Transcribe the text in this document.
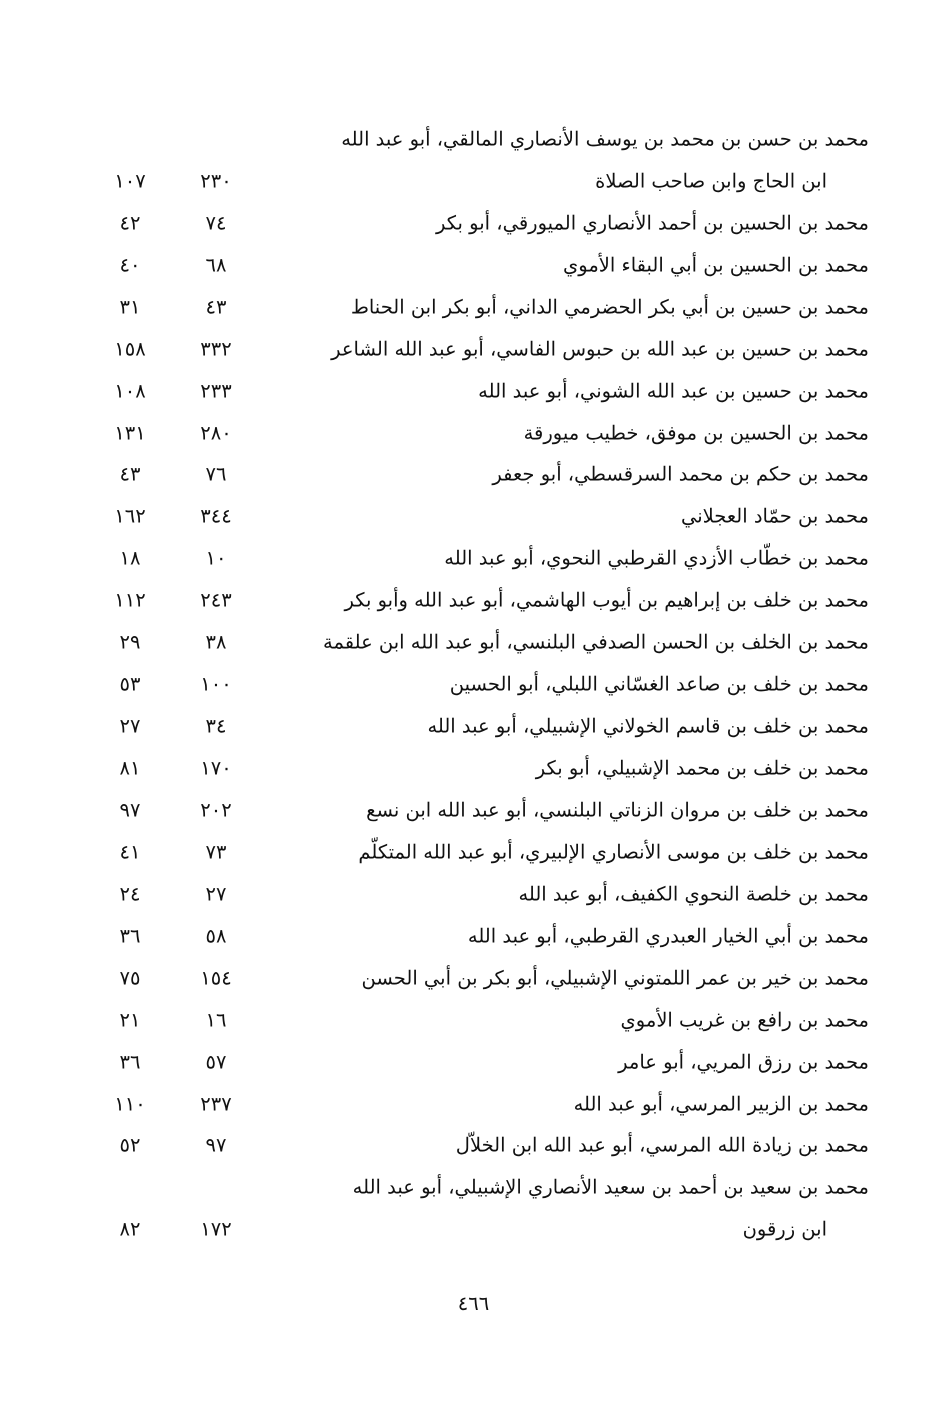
محمد بن حسن بن محمد بن يوسف الأنصاري المالقي، أبو عبد الله
ابن الحاج وابن صاحب الصلاة
٢٣٠
١٠٧
محمد بن الحسين بن أحمد الأنصاري الميورقي، أبو بكر
٧٤
٤٢
محمد بن الحسين بن أبي البقاء الأموي
٦٨
٤٠
محمد بن حسين بن أبي بكر الحضرمي الداني، أبو بكر ابن الحناط
٤٣
٣١
محمد بن حسين بن عبد الله بن حبوس الفاسي، أبو عبد الله الشاعر
٣٣٢
١٥٨
محمد بن حسين بن عبد الله الشوني، أبو عبد الله
٢٣٣
١٠٨
محمد بن الحسين بن موفق، خطيب ميورقة
٢٨٠
١٣١
محمد بن حكم بن محمد السرقسطي، أبو جعفر
٧٦
٤٣
محمد بن حمّاد العجلاني
٣٤٤
١٦٢
محمد بن خطّاب الأزدي القرطبي النحوي، أبو عبد الله
١٠
١٨
محمد بن خلف بن إبراهيم بن أيوب الهاشمي، أبو عبد الله وأبو بكر
٢٤٣
١١٢
محمد بن الخلف بن الحسن الصدفي البلنسي، أبو عبد الله ابن علقمة
٣٨
٢٩
محمد بن خلف بن صاعد الغسّاني اللبلي، أبو الحسين
١٠٠
٥٣
محمد بن خلف بن قاسم الخولاني الإشبيلي، أبو عبد الله
٣٤
٢٧
محمد بن خلف بن محمد الإشبيلي، أبو بكر
١٧٠
٨١
محمد بن خلف بن مروان الزناتي البلنسي، أبو عبد الله ابن نسع
٢٠٢
٩٧
محمد بن خلف بن موسى الأنصاري الإلبيري، أبو عبد الله المتكلّم
٧٣
٤١
محمد بن خلصة النحوي الكفيف، أبو عبد الله
٢٧
٢٤
محمد بن أبي الخيار العبدري القرطبي، أبو عبد الله
٥٨
٣٦
محمد بن خير بن عمر اللمتوني الإشبيلي، أبو بكر بن أبي الحسن
١٥٤
٧٥
محمد بن رافع بن غريب الأموي
١٦
٢١
محمد بن رزق المريي، أبو عامر
٥٧
٣٦
محمد بن الزبير المرسي، أبو عبد الله
٢٣٧
١١٠
محمد بن زيادة الله المرسي، أبو عبد الله ابن الخلاّل
٩٧
٥٢
محمد بن سعيد بن أحمد بن سعيد الأنصاري الإشبيلي، أبو عبد الله
ابن زرقون
١٧٢
٨٢
٤٦٦
